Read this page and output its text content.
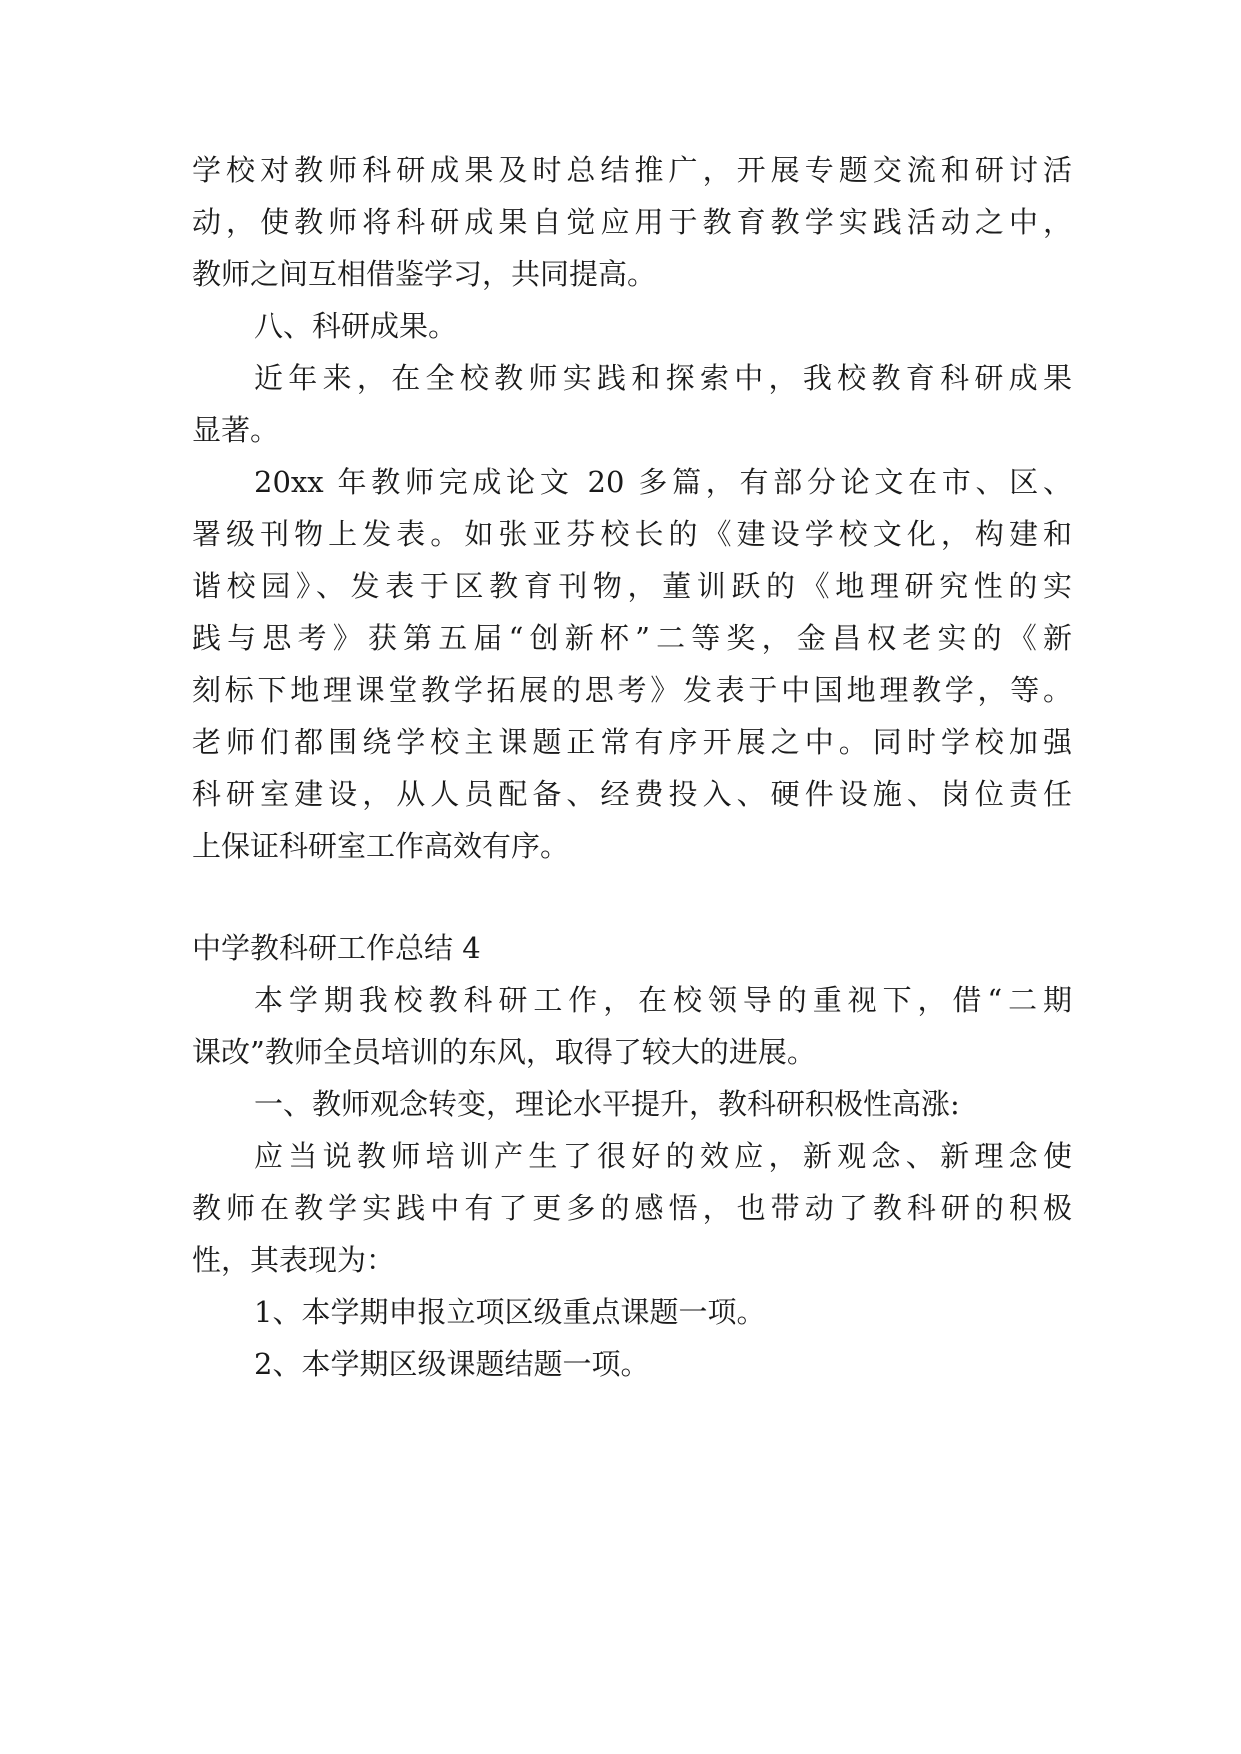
学校对教师科研成果及时总结推广，开展专题交流和研讨活
动，使教师将科研成果自觉应用于教育教学实践活动之中，
教师之间互相借鉴学习，共同提高。
八、科研成果。
近年来，在全校教师实践和探索中，我校教育科研成果
显著。
20xx 年教师完成论文 20 多篇，有部分论文在市、区、
署级刊物上发表。如张亚芬校长的《建设学校文化，构建和
谐校园》、发表于区教育刊物，董训跃的《地理研究性的实
践与思考》获第五届“创新杯”二等奖，金昌权老实的《新
刻标下地理课堂教学拓展的思考》发表于中国地理教学，等。
老师们都围绕学校主课题正常有序开展之中。同时学校加强
科研室建设，从人员配备、经费投入、硬件设施、岗位责任
上保证科研室工作高效有序。
中学教科研工作总结 4
本学期我校教科研工作，在校领导的重视下，借“二期
课改”教师全员培训的东风，取得了较大的进展。
一、教师观念转变，理论水平提升，教科研积极性高涨:
应当说教师培训产生了很好的效应，新观念、新理念使
教师在教学实践中有了更多的感悟，也带动了教科研的积极
性，其表现为：
1、本学期申报立项区级重点课题一项。
2、本学期区级课题结题一项。
